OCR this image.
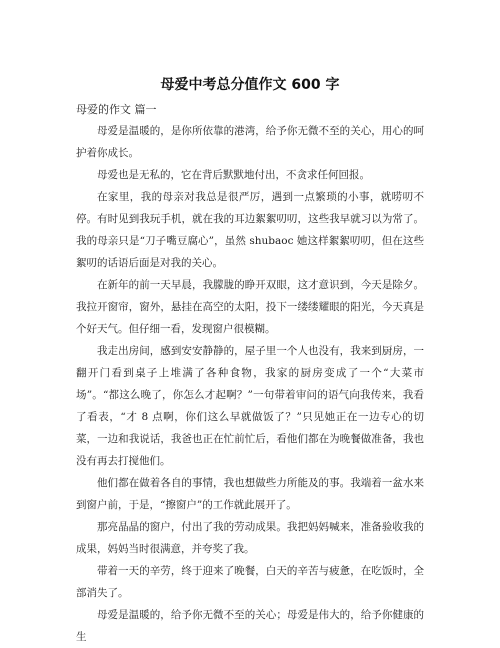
母爱中考总分值作文 600 字
母爱的作文 篇一

母爱是温暖的，是你所依靠的港湾，给予你无微不至的关心，用心的呵护着你成长。

母爱也是无私的，它在背后默默地付出，不贪求任何回报。

在家里，我的母亲对我总是很严厉，遇到一点繁琐的小事，就唠叨不停。有时见到我玩手机，就在我的耳边絮絮叨叨，这些我早就习以为常了。我的母亲只是“刀子嘴豆腐心”，虽然 shubaoc 她这样絮絮叨叨，但在这些絮叨的话语后面是对我的关心。

在新年的前一天早晨，我朦胧的睁开双眼，这才意识到，今天是除夕。我拉开窗帘，窗外，悬挂在高空的太阳，投下一缕缕耀眼的阳光，今天真是个好天气。但仔细一看，发现窗户很模糊。

我走出房间，感到安安静静的，屋子里一个人也没有，我来到厨房，一翻开门看到桌子上堆满了各种食物，我家的厨房变成了一个“大菜市场”。“都这么晚了，你怎么才起啊？”一句带着审问的语气向我传来，我看了看表，“才 8 点啊，你们这么早就做饭了？”只见她正在一边专心的切菜，一边和我说话，我爸也正在忙前忙后，看他们都在为晚餐做准备，我也没有再去打搅他们。

他们都在做着各自的事情，我也想做些力所能及的事。我端着一盆水来到窗户前，于是，“擦窗户”的工作就此展开了。

那亮晶晶的窗户，付出了我的劳动成果。我把妈妈喊来，准备验收我的成果，妈妈当时很满意，并夸奖了我。

带着一天的辛劳，终于迎来了晚餐，白天的辛苦与疲惫，在吃饭时，全部消失了。

母爱是温暖的，给予你无微不至的关心；母爱是伟大的，给予你健康的生
